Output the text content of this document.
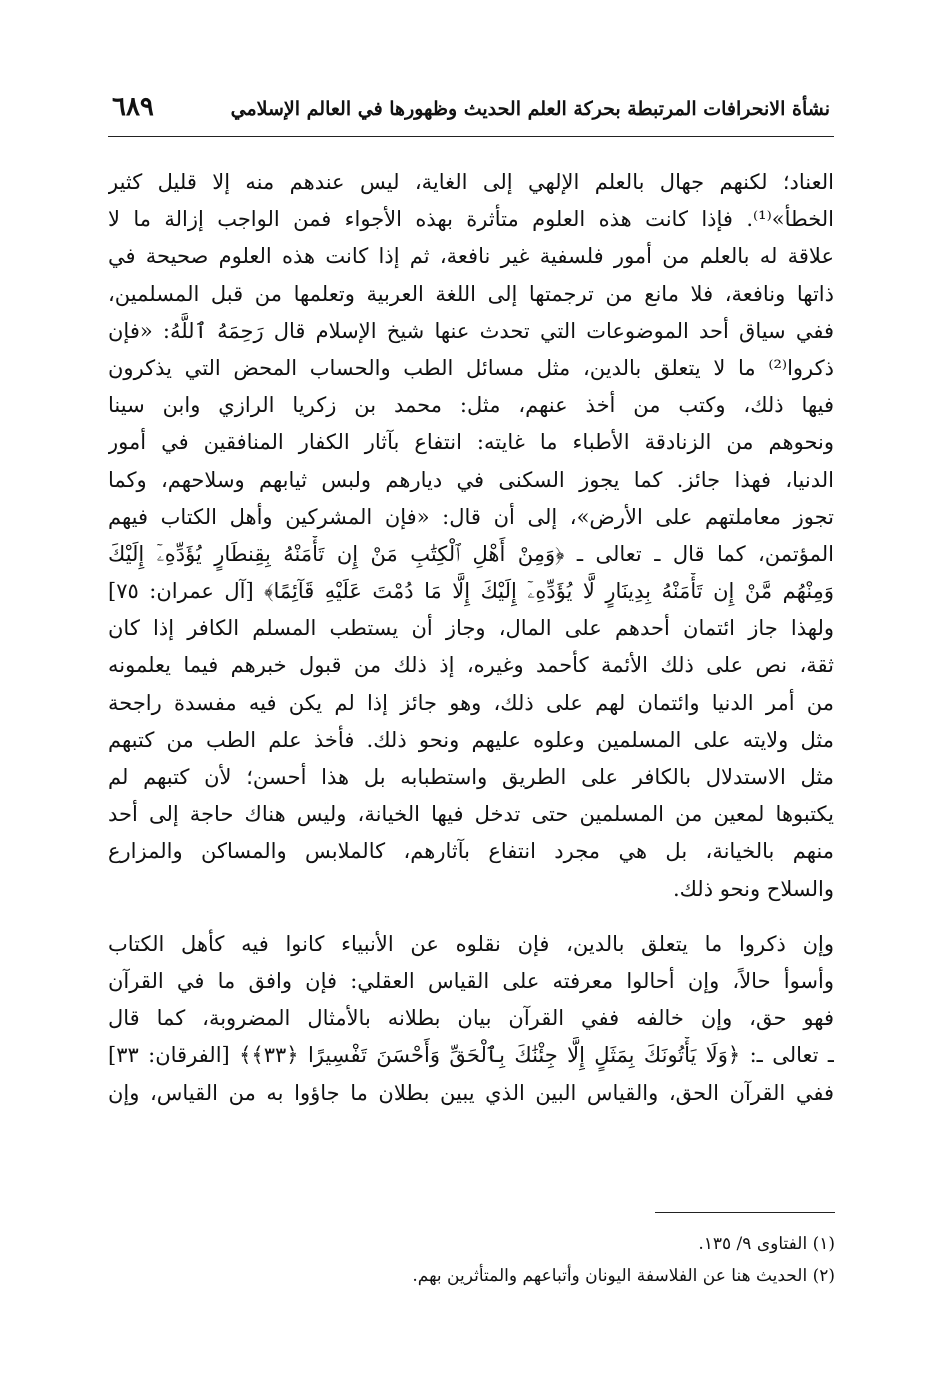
نشأة الانحرافات المرتبطة بحركة العلم الحديث وظهورها في العالم الإسلامي
٦٨٩
العناد؛ لكنهم جهال بالعلم الإلهي إلى الغاية، ليس عندهم منه إلا قليل كثير
الخطأ»⁽¹⁾. فإذا كانت هذه العلوم متأثرة بهذه الأجواء فمن الواجب إزالة ما لا
علاقة له بالعلم من أمور فلسفية غير نافعة، ثم إذا كانت هذه العلوم صحيحة في
ذاتها ونافعة، فلا مانع من ترجمتها إلى اللغة العربية وتعلمها من قبل المسلمين،
ففي سياق أحد الموضوعات التي تحدث عنها شيخ الإسلام قال رَحِمَهُ ٱللَّهُ: «فإن
ذكروا⁽²⁾ ما لا يتعلق بالدين، مثل مسائل الطب والحساب المحض التي يذكرون
فيها ذلك، وكتب من أخذ عنهم، مثل: محمد بن زكريا الرازي وابن سينا
ونحوهم من الزنادقة الأطباء ما غايته: انتفاع بآثار الكفار المنافقين في أمور
الدنيا، فهذا جائز. كما يجوز السكنى في ديارهم ولبس ثيابهم وسلاحهم، وكما
تجوز معاملتهم على الأرض»، إلى أن قال: «فإن المشركين وأهل الكتاب فيهم
المؤتمن، كما قال ـ تعالى ـ ﴿وَمِنْ أَهْلِ ٱلْكِتَٰبِ مَنْ إِن تَأْمَنْهُ بِقِنطَارٍ يُؤَدِّهِۦٓ إِلَيْكَ
وَمِنْهُم مَّنْ إِن تَأْمَنْهُ بِدِينَارٍ لَّا يُؤَدِّهِۦٓ إِلَيْكَ إِلَّا مَا دُمْتَ عَلَيْهِ قَآئِمًا﴾ [آل عمران: ٧٥]
ولهذا جاز ائتمان أحدهم على المال، وجاز أن يستطب المسلم الكافر إذا كان
ثقة، نص على ذلك الأئمة كأحمد وغيره، إذ ذلك من قبول خبرهم فيما يعلمونه
من أمر الدنيا وائتمان لهم على ذلك، وهو جائز إذا لم يكن فيه مفسدة راجحة
مثل ولايته على المسلمين وعلوه عليهم ونحو ذلك. فأخذ علم الطب من كتبهم
مثل الاستدلال بالكافر على الطريق واستطبابه بل هذا أحسن؛ لأن كتبهم لم
يكتبوها لمعين من المسلمين حتى تدخل فيها الخيانة، وليس هناك حاجة إلى أحد
منهم بالخيانة، بل هي مجرد انتفاع بآثارهم، كالملابس والمساكن والمزارع
والسلاح ونحو ذلك.
وإن ذكروا ما يتعلق بالدين، فإن نقلوه عن الأنبياء كانوا فيه كأهل الكتاب
وأسوأ حالاً، وإن أحالوا معرفته على القياس العقلي: فإن وافق ما في القرآن
فهو حق، وإن خالفه ففي القرآن بيان بطلانه بالأمثال المضروبة، كما قال
ـ تعالى ـ: ﴿وَلَا يَأْتُونَكَ بِمَثَلٍ إِلَّا جِئْنَٰكَ بِٱلْحَقِّ وَأَحْسَنَ تَفْسِيرًا ﴿٣٣﴾﴾ [الفرقان: ٣٣]
ففي القرآن الحق، والقياس البين الذي يبين بطلان ما جاؤوا به من القياس، وإن
(١) الفتاوى ٩/ ١٣٥.
(٢) الحديث هنا عن الفلاسفة اليونان وأتباعهم والمتأثرين بهم.
